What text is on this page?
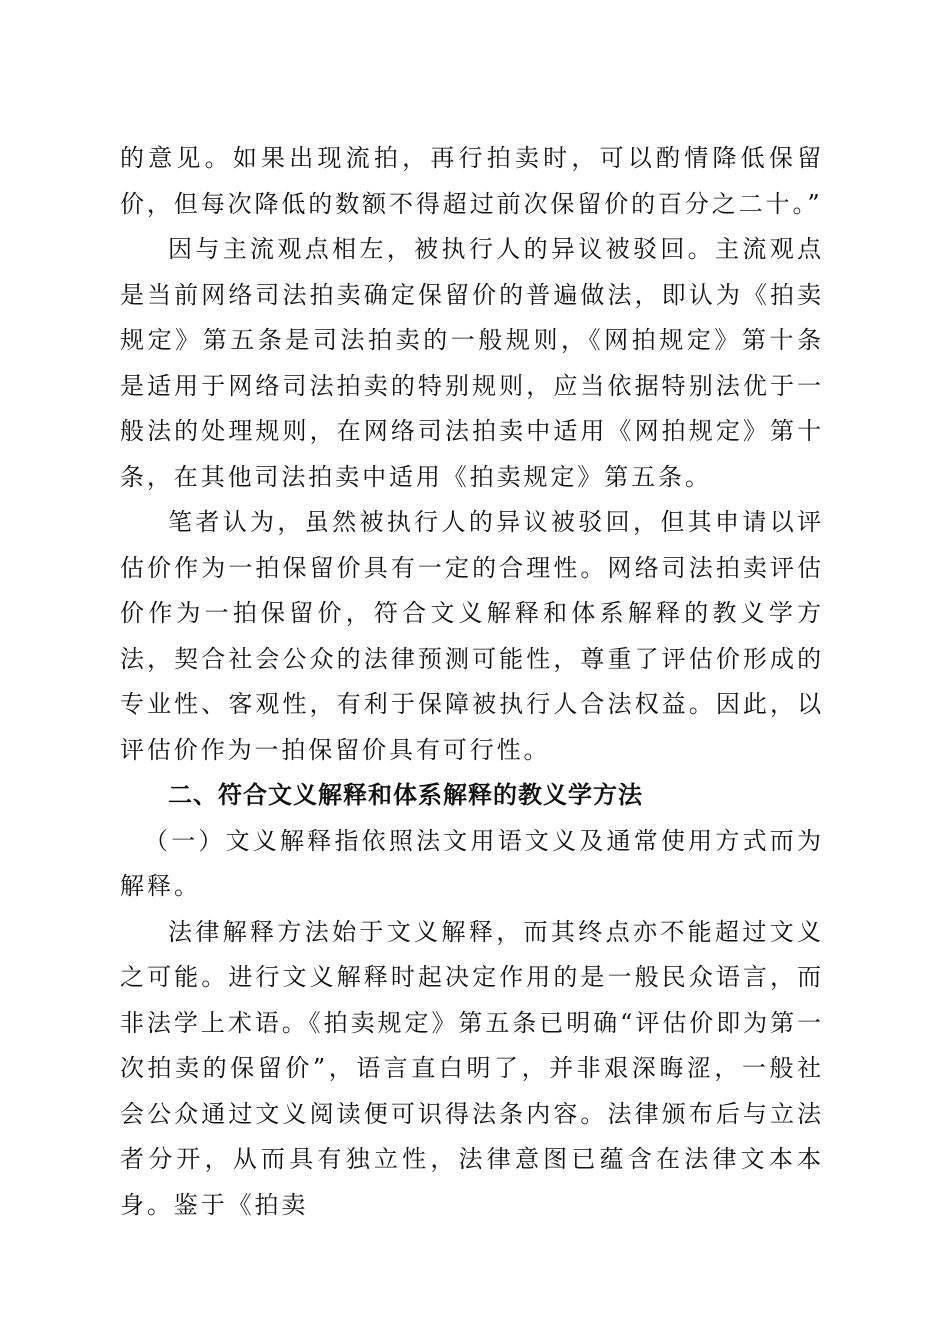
的意见。如果出现流拍，再行拍卖时，可以酌情降低保留价，但每次降低的数额不得超过前次保留价的百分之二十。”

因与主流观点相左，被执行人的异议被驳回。主流观点是当前网络司法拍卖确定保留价的普遍做法，即认为《拍卖规定》第五条是司法拍卖的一般规则，《网拍规定》第十条是适用于网络司法拍卖的特别规则，应当依据特别法优于一般法的处理规则，在网络司法拍卖中适用《网拍规定》第十条，在其他司法拍卖中适用《拍卖规定》第五条。

笔者认为，虽然被执行人的异议被驳回，但其申请以评估价作为一拍保留价具有一定的合理性。网络司法拍卖评估价作为一拍保留价，符合文义解释和体系解释的教义学方法，契合社会公众的法律预测可能性，尊重了评估价形成的专业性、客观性，有利于保障被执行人合法权益。因此，以评估价作为一拍保留价具有可行性。

二、符合文义解释和体系解释的教义学方法

（一）文义解释指依照法文用语文义及通常使用方式而为解释。

法律解释方法始于文义解释，而其终点亦不能超过文义之可能。进行文义解释时起决定作用的是一般民众语言，而非法学上术语。《拍卖规定》第五条已明确“评估价即为第一次拍卖的保留价”，语言直白明了，并非艰深晦涩，一般社会公众通过文义阅读便可识得法条内容。法律颁布后与立法者分开，从而具有独立性，法律意图已蕴含在法律文本本身。鉴于《拍卖
